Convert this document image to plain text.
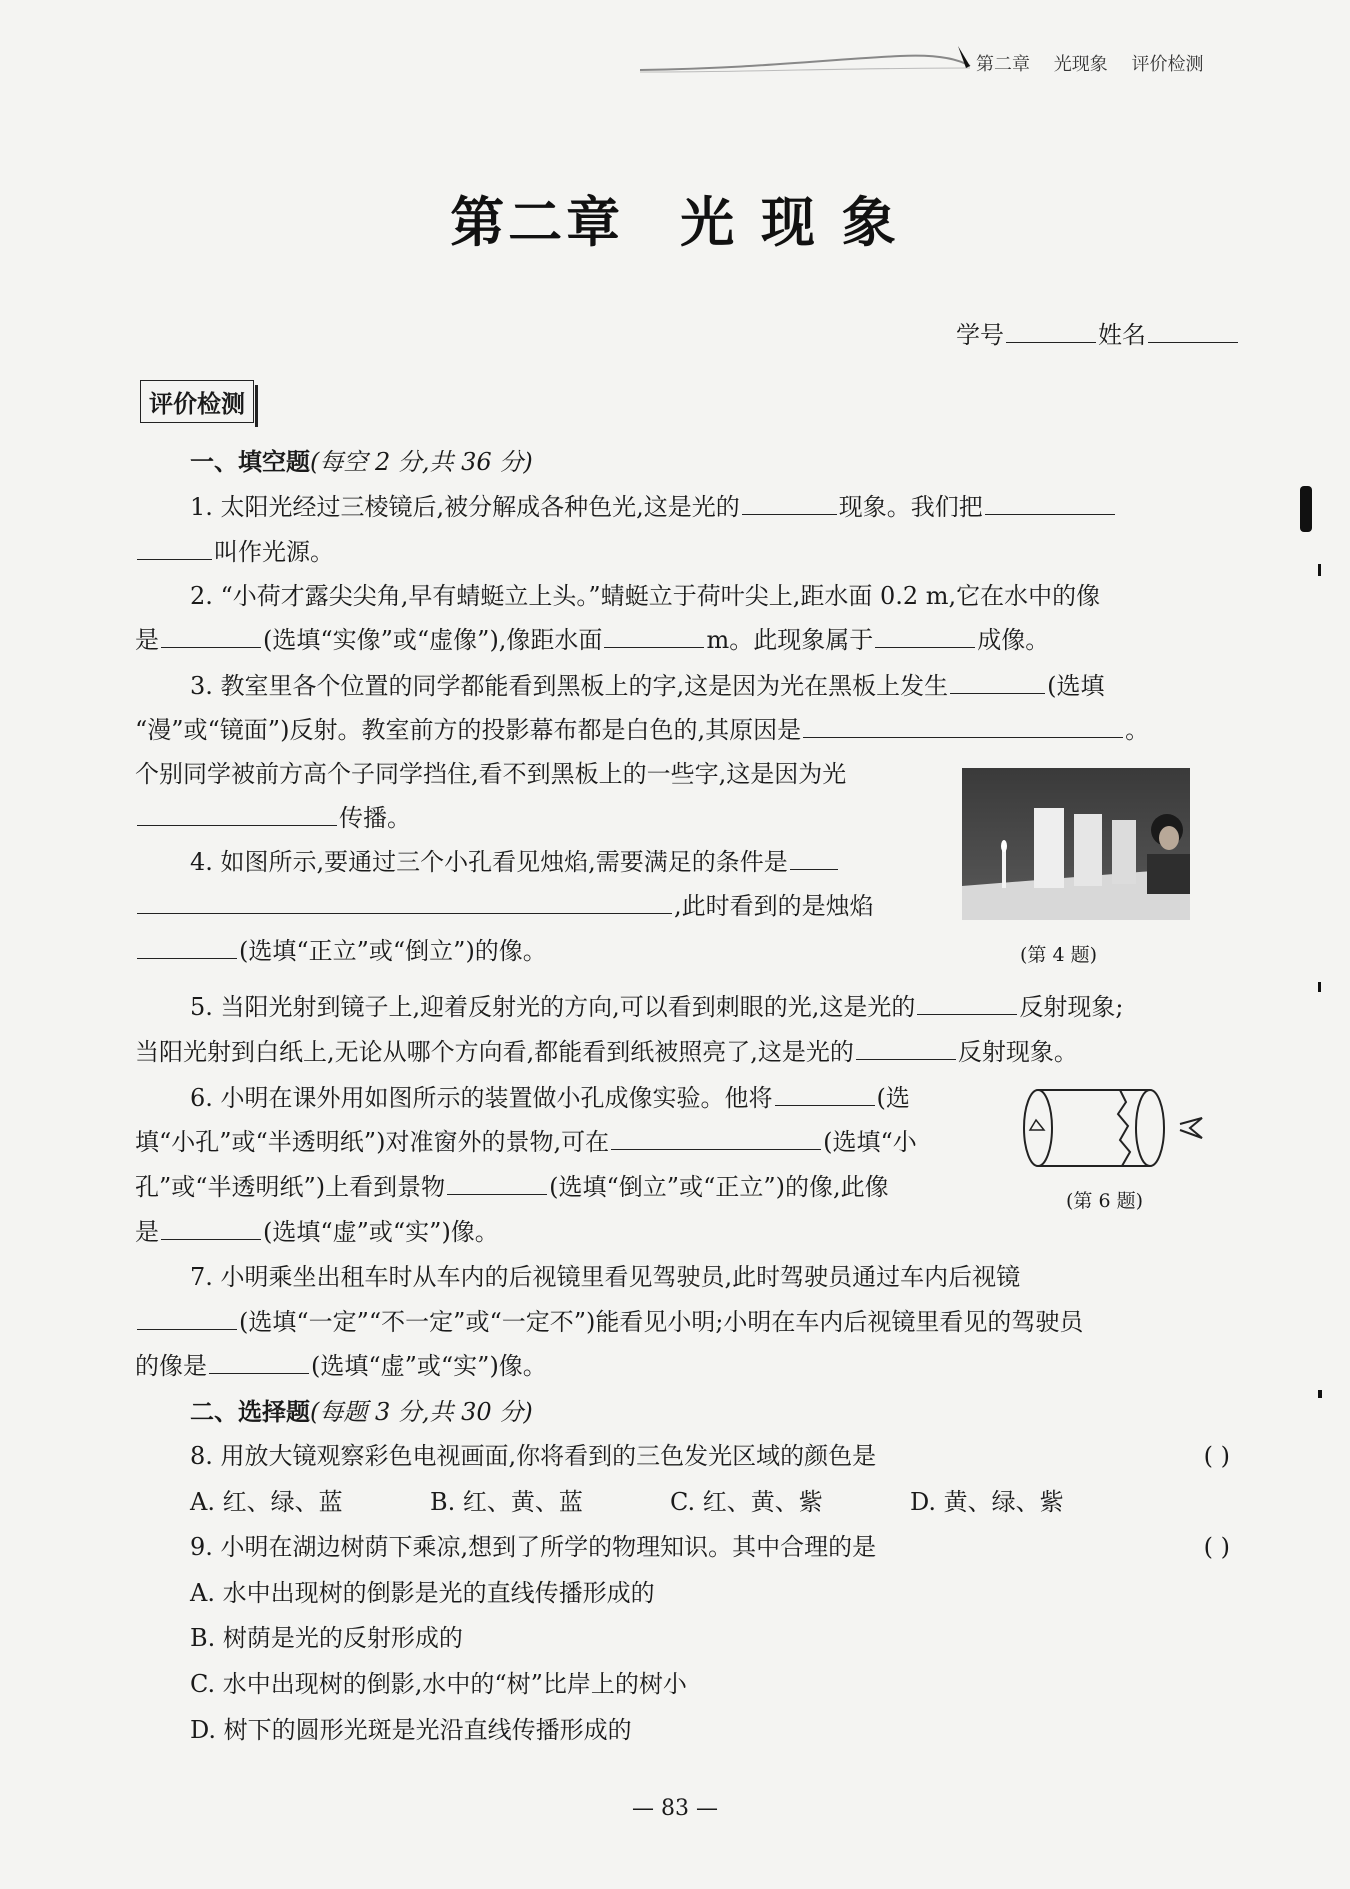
第二章 光现象 评价检测
第二章 光 现 象
学号	姓名
评价检测
一、填空题(每空 2 分,共 36 分)
1. 太阳光经过三棱镜后,被分解成各种色光,这是光的	现象。我们把
叫作光源。
2. “小荷才露尖尖角,早有蜻蜓立上头。”蜻蜓立于荷叶尖上,距水面 0.2 m,它在水中的像
是	(选填“实像”或“虚像”),像距水面	m。此现象属于	成像。
3. 教室里各个位置的同学都能看到黑板上的字,这是因为光在黑板上发生	(选填
“漫”或“镜面”)反射。教室前方的投影幕布都是白色的,其原因是	。
个别同学被前方高个子同学挡住,看不到黑板上的一些字,这是因为光
传播。
4. 如图所示,要通过三个小孔看见烛焰,需要满足的条件是
,此时看到的是烛焰
(选填“正立”或“倒立”)的像。	(第 4 题)
5. 当阳光射到镜子上,迎着反射光的方向,可以看到刺眼的光,这是光的	反射现象;
当阳光射到白纸上,无论从哪个方向看,都能看到纸被照亮了,这是光的	反射现象。
6. 小明在课外用如图所示的装置做小孔成像实验。他将	(选
填“小孔”或“半透明纸”)对准窗外的景物,可在	(选填“小
孔”或“半透明纸”)上看到景物	(选填“倒立”或“正立”)的像,此像
是	(选填“虚”或“实”)像。
(第 6 题)
7. 小明乘坐出租车时从车内的后视镜里看见驾驶员,此时驾驶员通过车内后视镜
(选填“一定”“不一定”或“一定不”)能看见小明;小明在车内后视镜里看见的驾驶员
的像是	(选填“虚”或“实”)像。
二、选择题(每题 3 分,共 30 分)
8. 用放大镜观察彩色电视画面,你将看到的三色发光区域的颜色是	( )
A. 红、绿、蓝	B. 红、黄、蓝	C. 红、黄、紫	D. 黄、绿、紫
9. 小明在湖边树荫下乘凉,想到了所学的物理知识。其中合理的是	( )
A. 水中出现树的倒影是光的直线传播形成的
B. 树荫是光的反射形成的
C. 水中出现树的倒影,水中的“树”比岸上的树小
D. 树下的圆形光斑是光沿直线传播形成的
— 83 —
